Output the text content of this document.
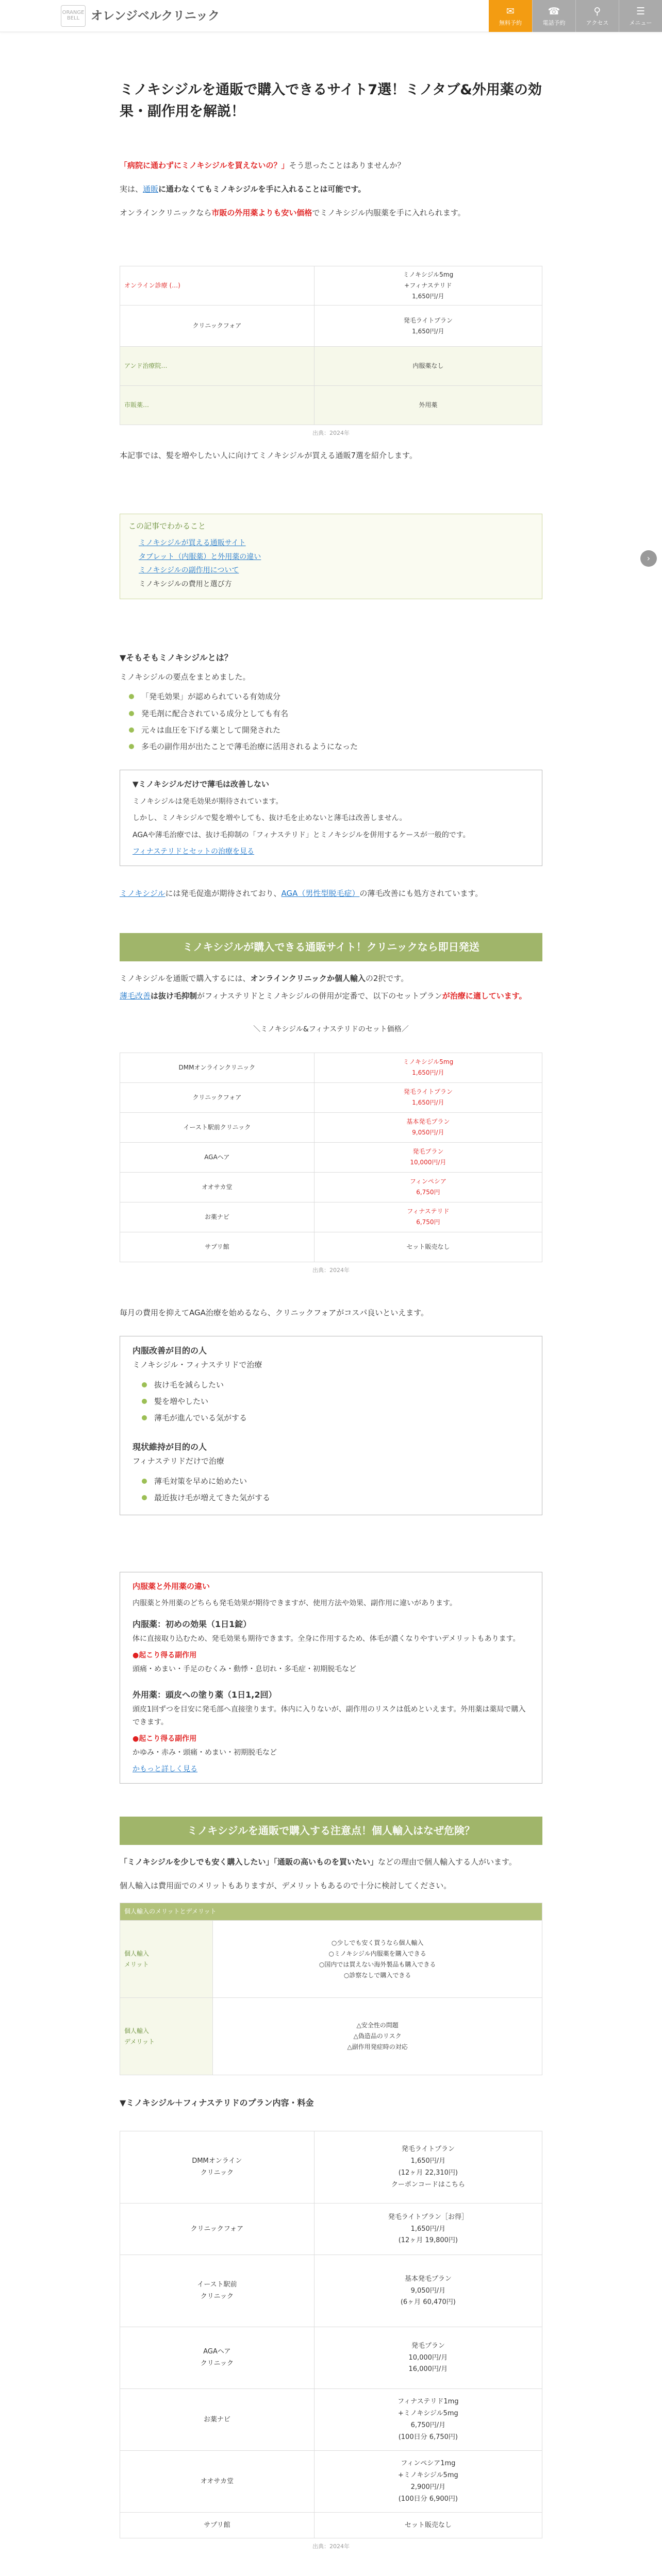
ORANGE BELL オレンジベルクリニック	✉
無料予約
☎
電話予約
⚲
アクセス
☰
メニュー
›
ミノキシジルを通販で購入できるサイト7選！ミノタブ&外用薬の効果・副作用を解説！

「病院に通わずにミノキシジルを買えないの？」そう思ったことはありませんか？

実は、通販に通わなくてもミノキシジルを手に入れることは可能です。

オンラインクリニックなら市販の外用薬よりも安い価格でミノキシジル内服薬を手に入れられます。

オンライン診療 (…)	ミノキシジル5mg
+フィナステリド
1,650円/月
クリニックフォア	発毛ライトプラン
1,650円/月
アンド治療院…	内服薬なし
市販薬…	外用薬
出典：2024年

本記事では、髪を増やしたい人に向けてミノキシジルが買える通販7選を紹介します。

この記事でわかること
ミノキシジルが買える通販サイト
タブレット（内服薬）と外用薬の違い
ミノキシジルの副作用について
ミノキシジルの費用と選び方
▼そもそもミノキシジルとは？

ミノキシジルの要点をまとめました。

「発毛効果」が認められている有効成分
発毛剤に配合されている成分としても有名
元々は血圧を下げる薬として開発された
多毛の副作用が出たことで薄毛治療に活用されるようになった
▼ミノキシジルだけで薄毛は改善しない

ミノキシジルは発毛効果が期待されています。

しかし、ミノキシジルで髪を増やしても、抜け毛を止めないと薄毛は改善しません。

AGAや薄毛治療では、抜け毛抑制の「フィナステリド」とミノキシジルを併用するケースが一般的です。

フィナステリドとセットの治療を見る

ミノキシジルには発毛促進が期待されており、AGA（男性型脱毛症）の薄毛改善にも処方されています。

ミノキシジルが購入できる通販サイト！クリニックなら即日発送

ミノキシジルを通販で購入するには、オンラインクリニックか個人輸入の2択です。

薄毛改善は抜け毛抑制がフィナステリドとミノキシジルの併用が定番で、以下のセットプランが治療に適しています。

＼ミノキシジル&フィナステリドのセット価格／
DMMオンラインクリニック	ミノキシジル5mg
1,650円/月
クリニックフォア	発毛ライトプラン
1,650円/月
イースト駅前クリニック	基本発毛プラン
9,050円/月
AGAヘア	発毛プラン
10,000円/月
オオサカ堂	フィンペシア
6,750円
お薬ナビ	フィナステリド
6,750円
サプリ館	セット販売なし
出典：2024年

毎月の費用を抑えてAGA治療を始めるなら、クリニックフォアがコスパ良いといえます。

内服改善が目的の人
ミノキシジル・フィナステリドで治療
抜け毛を減らしたい
髪を増やしたい
薄毛が進んでいる気がする
現状維持が目的の人
フィナステリドだけで治療
薄毛対策を早めに始めたい
最近抜け毛が増えてきた気がする
内服薬と外用薬の違い

内服薬と外用薬のどちらも発毛効果が期待できますが、使用方法や効果、副作用に違いがあります。

内服薬：初めの効果（1日1錠）

体に直接取り込むため、発毛効果も期待できます。全身に作用するため、体毛が濃くなりやすいデメリットもあります。

●起こり得る副作用

頭痛・めまい・手足のむくみ・動悸・息切れ・多毛症・初期脱毛など

外用薬：頭皮への塗り薬（1日1,2回）

頭皮1回ずつを目安に発毛部へ直接塗ります。体内に入りないが、副作用のリスクは低めといえます。外用薬は薬局で購入できます。

●起こり得る副作用

かゆみ・赤み・頭痛・めまい・初期脱毛など

かもっと詳しく見る

ミノキシジルを通販で購入する注意点！個人輸入はなぜ危険？

「ミノキシジルを少しでも安く購入したい」「通販の高いものを買いたい」などの理由で個人輸入する人がいます。

個人輸入は費用面でのメリットもありますが、デメリットもあるので十分に検討してください。

個人輸入のメリットとデメリット	
個人輸入
メリット	○少しでも安く買うなら個人輸入
○ミノキシジル内服薬を購入できる
○国内では買えない海外製品も購入できる
○診察なしで購入できる
個人輸入
デメリット	△安全性の問題
△偽造品のリスク
△副作用発症時の対応
▼ミノキシジル＋フィナステリドのプラン内容・料金
DMMオンライン
クリニック	発毛ライトプラン
1,650円/月
(12ヶ月 22,310円)
クーポンコードはこちら
クリニックフォア	発毛ライトプラン［お得］
1,650円/月
(12ヶ月 19,800円)
イースト駅前
クリニック	基本発毛プラン
9,050円/月
(6ヶ月 60,470円)
AGAヘア
クリニック	発毛プラン
10,000円/月
16,000円/月
お薬ナビ	フィナステリド1mg
+ミノキシジル5mg
6,750円/月
(100日分 6,750円)
オオサカ堂	フィンペシア1mg
+ミノキシジル5mg
2,900円/月
(100日分 6,900円)
サプリ館	セット販売なし
出典：2024年
